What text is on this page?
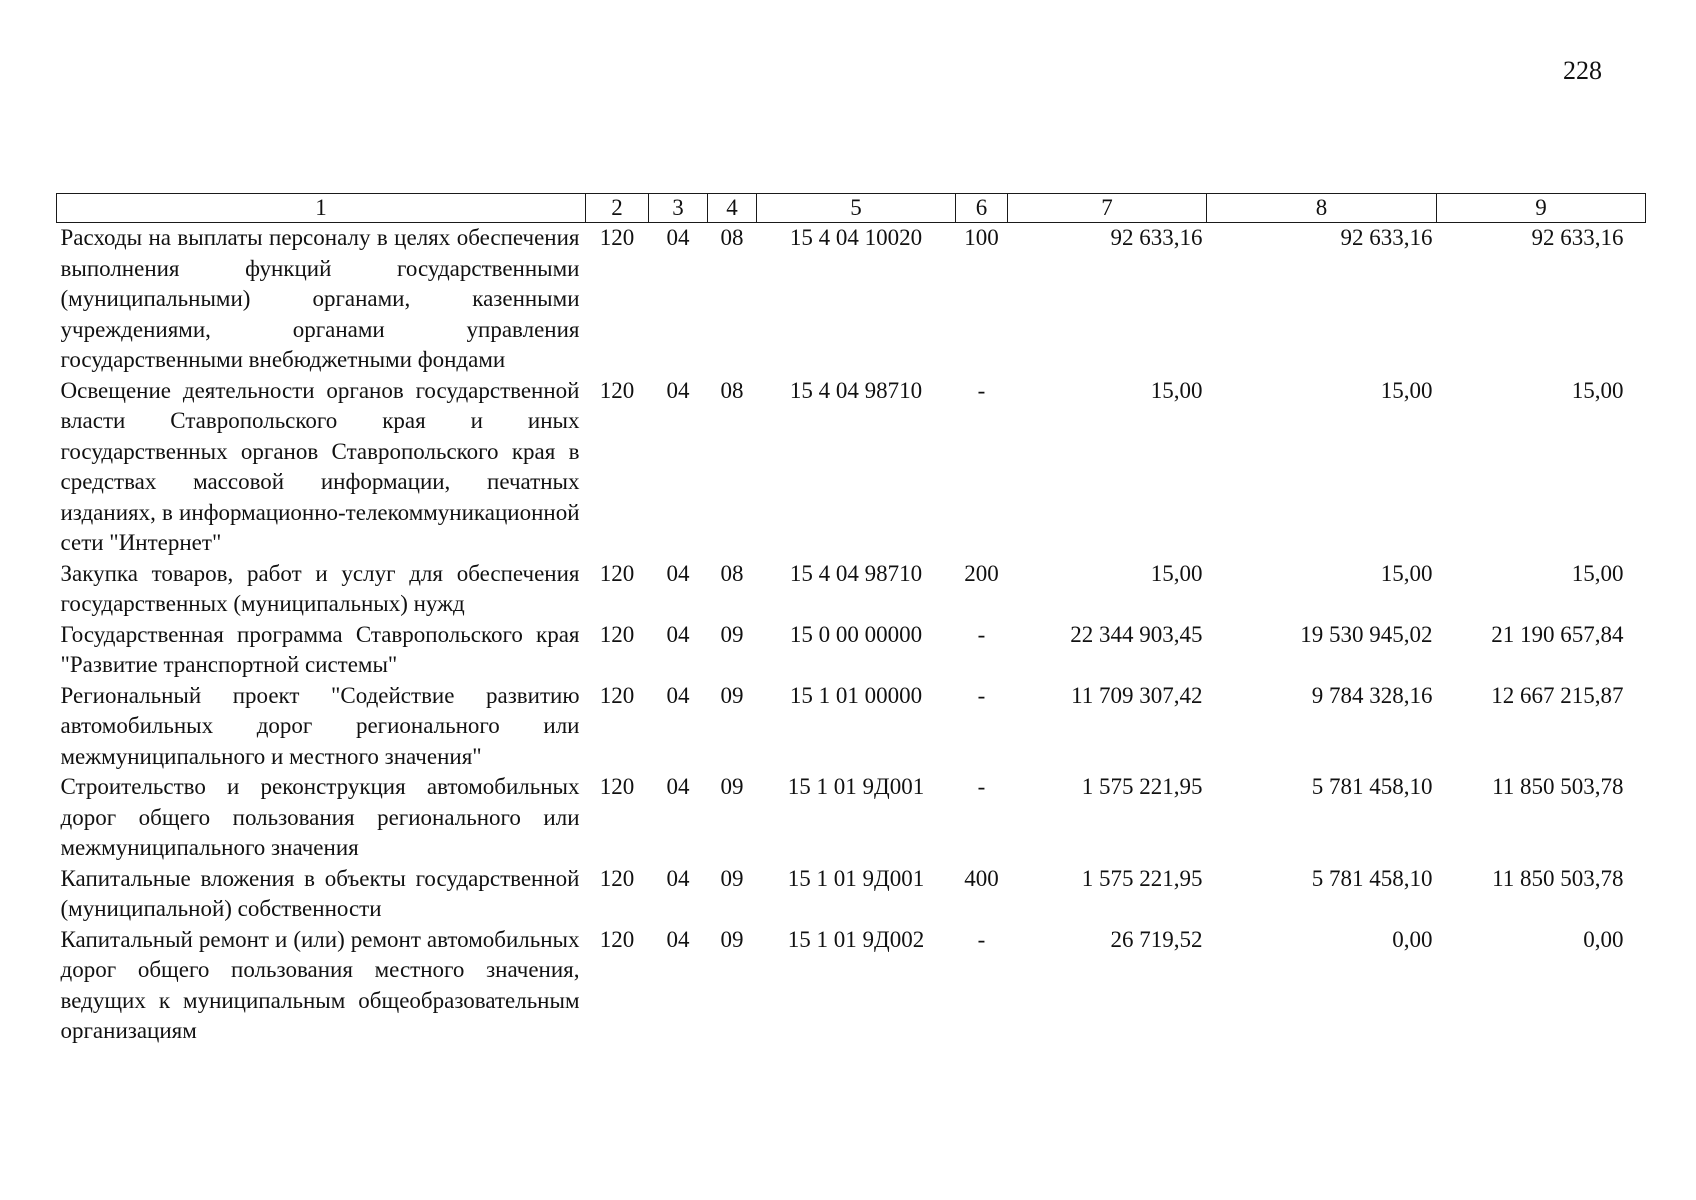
228
1	2	3	4	5	6	7	8	9
Расходы на выплаты персоналу в целях обеспечения выполнения функций государственными (муниципальными) органами, казенными учреждениями, органами управления государственными внебюджетными фондами	120	04	08	15 4 04 10020	100	92 633,16	92 633,16	92 633,16
Освещение деятельности органов государственной власти Ставропольского края и иных государственных органов Ставропольского края в средствах массовой информации, печатных изданиях, в информационно-телекоммуникационной сети "Интернет"	120	04	08	15 4 04 98710	-	15,00	15,00	15,00
Закупка товаров, работ и услуг для обеспечения государственных (муниципальных) нужд	120	04	08	15 4 04 98710	200	15,00	15,00	15,00
Государственная программа Ставропольского края "Развитие транспортной системы"	120	04	09	15 0 00 00000	-	22 344 903,45	19 530 945,02	21 190 657,84
Региональный проект "Содействие развитию автомобильных дорог регионального или межмуниципального и местного значения"	120	04	09	15 1 01 00000	-	11 709 307,42	9 784 328,16	12 667 215,87
Строительство и реконструкция автомобильных дорог общего пользования регионального или межмуниципального значения	120	04	09	15 1 01 9Д001	-	1 575 221,95	5 781 458,10	11 850 503,78
Капитальные вложения в объекты государственной (муниципальной) собственности	120	04	09	15 1 01 9Д001	400	1 575 221,95	5 781 458,10	11 850 503,78
Капитальный ремонт и (или) ремонт автомобильных дорог общего пользования местного значения, ведущих к муниципальным общеобразовательным организациям	120	04	09	15 1 01 9Д002	-	26 719,52	0,00	0,00
